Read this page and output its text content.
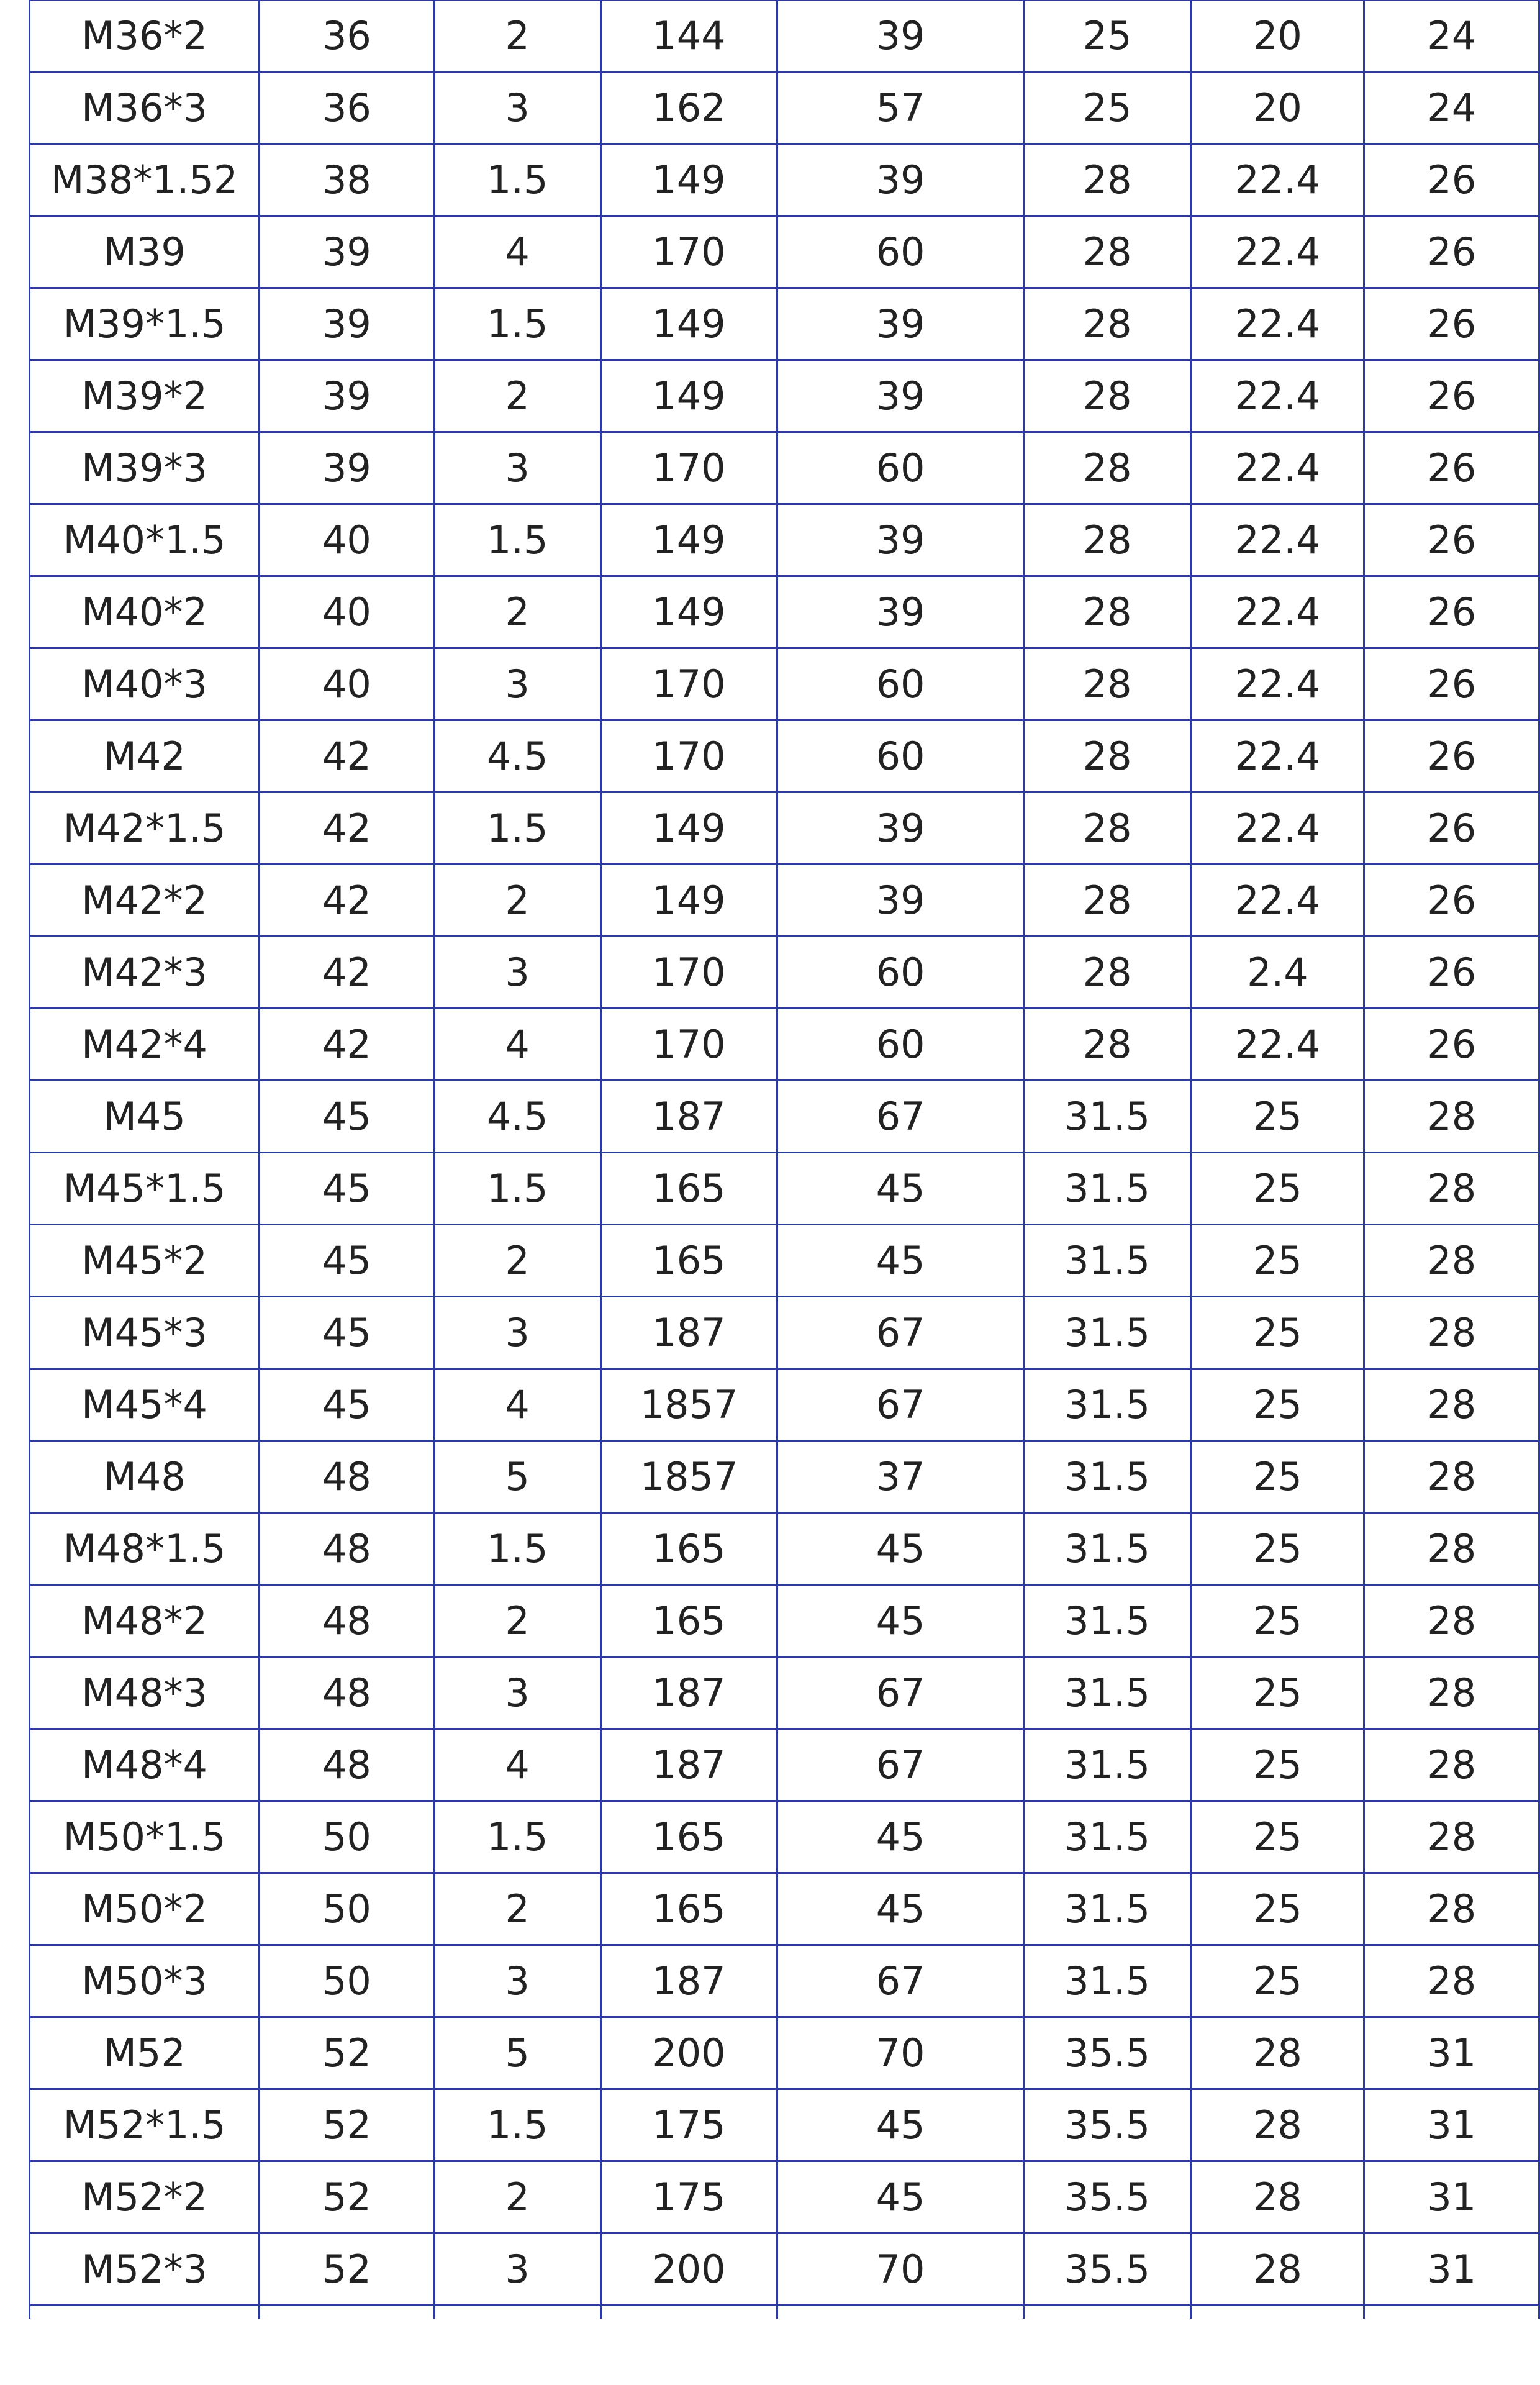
M36*2	36	2	144	39	25	20	24
M36*3	36	3	162	57	25	20	24
M38*1.52	38	1.5	149	39	28	22.4	26
M39	39	4	170	60	28	22.4	26
M39*1.5	39	1.5	149	39	28	22.4	26
M39*2	39	2	149	39	28	22.4	26
M39*3	39	3	170	60	28	22.4	26
M40*1.5	40	1.5	149	39	28	22.4	26
M40*2	40	2	149	39	28	22.4	26
M40*3	40	3	170	60	28	22.4	26
M42	42	4.5	170	60	28	22.4	26
M42*1.5	42	1.5	149	39	28	22.4	26
M42*2	42	2	149	39	28	22.4	26
M42*3	42	3	170	60	28	2.4	26
M42*4	42	4	170	60	28	22.4	26
M45	45	4.5	187	67	31.5	25	28
M45*1.5	45	1.5	165	45	31.5	25	28
M45*2	45	2	165	45	31.5	25	28
M45*3	45	3	187	67	31.5	25	28
M45*4	45	4	1857	67	31.5	25	28
M48	48	5	1857	37	31.5	25	28
M48*1.5	48	1.5	165	45	31.5	25	28
M48*2	48	2	165	45	31.5	25	28
M48*3	48	3	187	67	31.5	25	28
M48*4	48	4	187	67	31.5	25	28
M50*1.5	50	1.5	165	45	31.5	25	28
M50*2	50	2	165	45	31.5	25	28
M50*3	50	3	187	67	31.5	25	28
M52	52	5	200	70	35.5	28	31
M52*1.5	52	1.5	175	45	35.5	28	31
M52*2	52	2	175	45	35.5	28	31
M52*3	52	3	200	70	35.5	28	31
